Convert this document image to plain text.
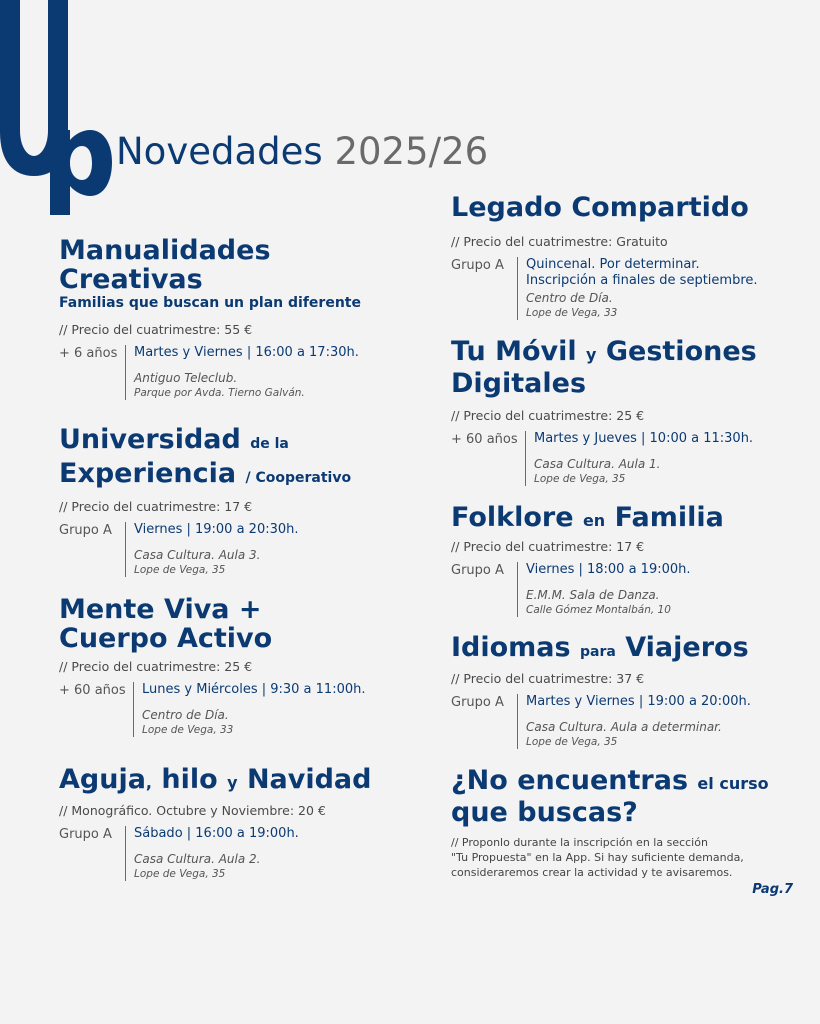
Novedades 2025/26
Manualidades
Creativas
Familias que buscan un plan diferente
// Precio del cuatrimestre: 55 €
+ 6 años	Martes y Viernes | 16:00 a 17:30h.
Antiguo Teleclub.
Parque por Avda. Tierno Galván.
Universidad de la
Experiencia / Cooperativo
// Precio del cuatrimestre: 17 €
Grupo A	Viernes | 19:00 a 20:30h.
Casa Cultura. Aula 3.
Lope de Vega, 35
Mente Viva +
Cuerpo Activo
// Precio del cuatrimestre: 25 €
+ 60 años	Lunes y Miércoles | 9:30 a 11:00h.
Centro de Día.
Lope de Vega, 33
Aguja, hilo y Navidad
// Monográfico. Octubre y Noviembre: 20 €
Grupo A	Sábado | 16:00 a 19:00h.
Casa Cultura. Aula 2.
Lope de Vega, 35
Legado Compartido
// Precio del cuatrimestre: Gratuito
Grupo A	Quincenal. Por determinar.
Inscripción a finales de septiembre.
Centro de Día.
Lope de Vega, 33
Tu Móvil y Gestiones
Digitales
// Precio del cuatrimestre: 25 €
+ 60 años	Martes y Jueves | 10:00 a 11:30h.
Casa Cultura. Aula 1.
Lope de Vega, 35
Folklore en Familia
// Precio del cuatrimestre: 17 €
Grupo A	Viernes | 18:00 a 19:00h.
E.M.M. Sala de Danza.
Calle Gómez Montalbán, 10
Idiomas para Viajeros
// Precio del cuatrimestre: 37 €
Grupo A	Martes y Viernes | 19:00 a 20:00h.
Casa Cultura. Aula a determinar.
Lope de Vega, 35
¿No encuentras el curso
que buscas?
// Proponlo durante la inscripción en la sección
"Tu Propuesta" en la App. Si hay suficiente demanda,
consideraremos crear la actividad y te avisaremos.
Pag.7
